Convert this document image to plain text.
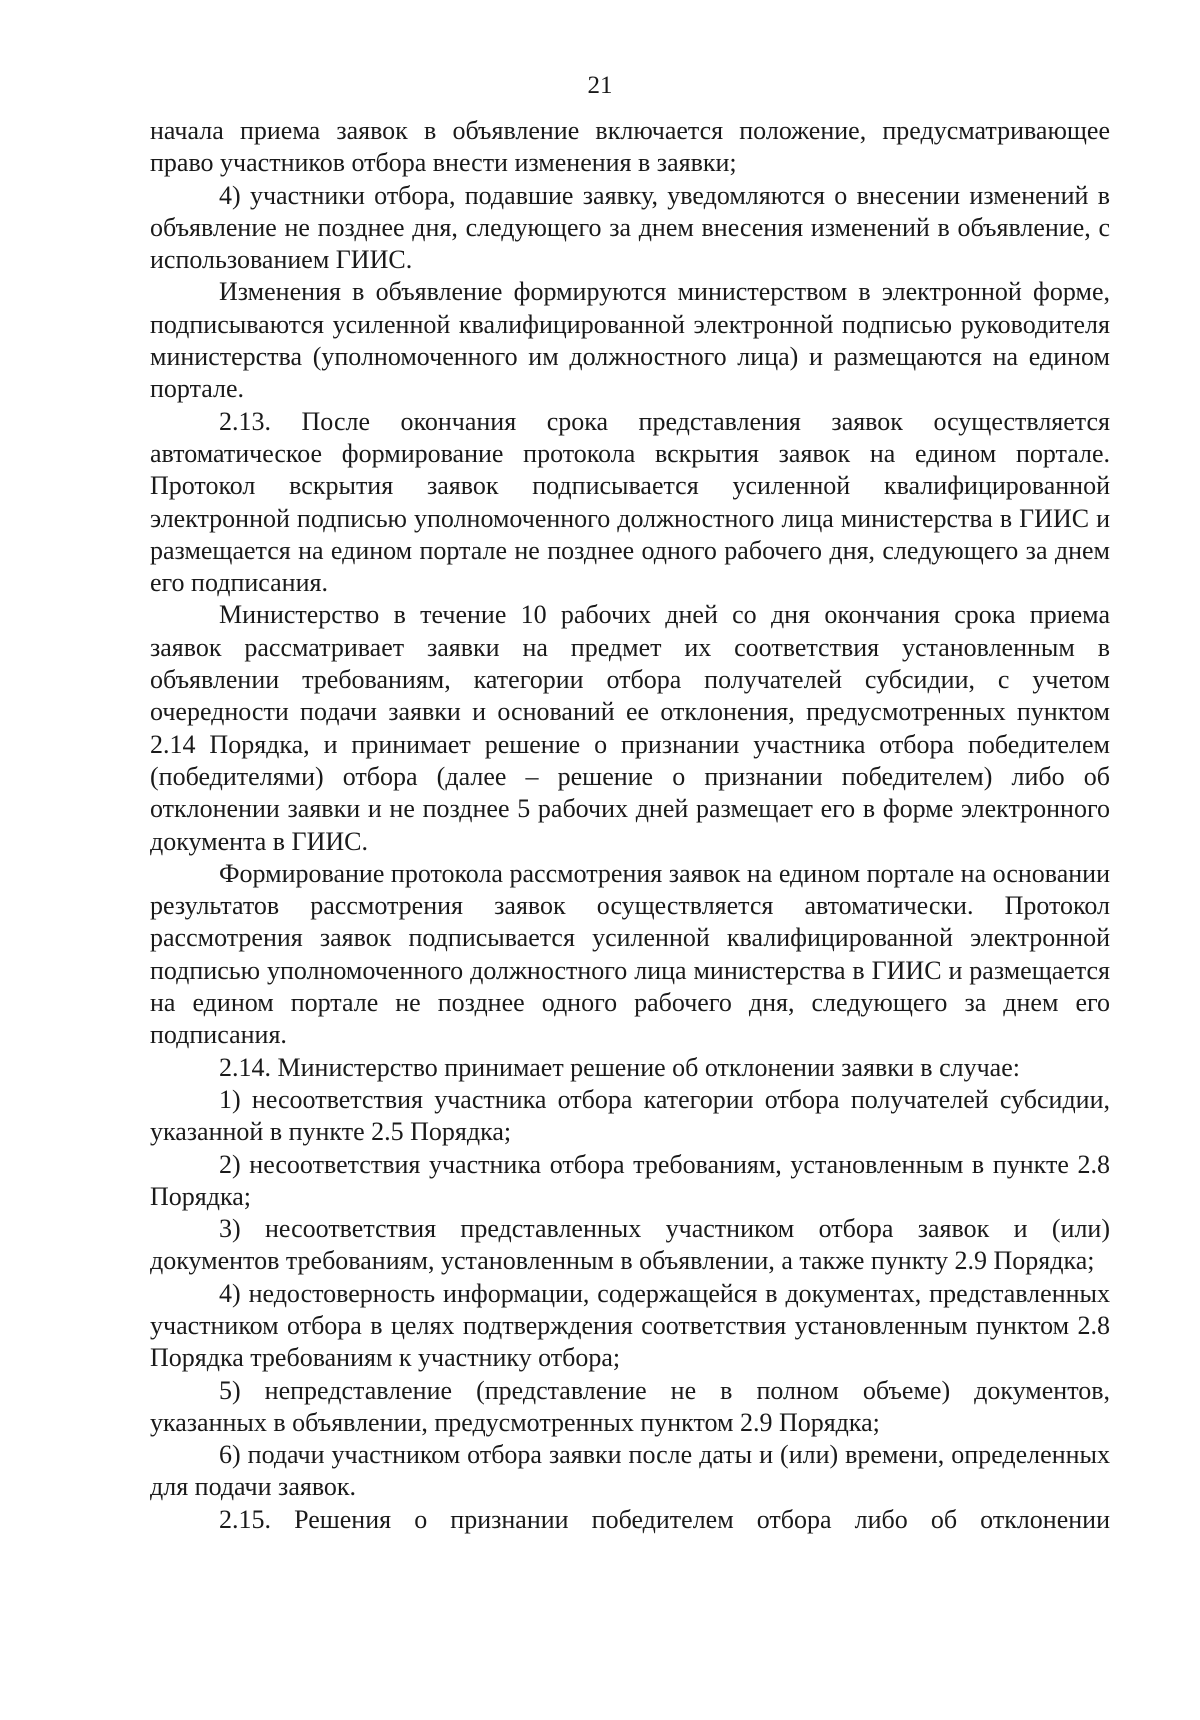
21

начала приема заявок в объявление включается положение, предусматривающее право участников отбора внести изменения в заявки;

4) участники отбора, подавшие заявку, уведомляются о внесении изменений в объявление не позднее дня, следующего за днем внесения изменений в объявление, с использованием ГИИС.

Изменения в объявление формируются министерством в электронной форме, подписываются усиленной квалифицированной электронной подписью руководителя министерства (уполномоченного им должностного лица) и размещаются на едином портале.

2.13. После окончания срока представления заявок осуществляется автоматическое формирование протокола вскрытия заявок на едином портале. Протокол вскрытия заявок подписывается усиленной квалифицированной электронной подписью уполномоченного должностного лица министерства в ГИИС и размещается на едином портале не позднее одного рабочего дня, следующего за днем его подписания.

Министерство в течение 10 рабочих дней со дня окончания срока приема заявок рассматривает заявки на предмет их соответствия установленным в объявлении требованиям, категории отбора получателей субсидии, с учетом очередности подачи заявки и оснований ее отклонения, предусмотренных пунктом 2.14 Порядка, и принимает решение о признании участника отбора победителем (победителями) отбора (далее – решение о признании победителем) либо об отклонении заявки и не позднее 5 рабочих дней размещает его в форме электронного документа в ГИИС.

Формирование протокола рассмотрения заявок на едином портале на основании результатов рассмотрения заявок осуществляется автоматически. Протокол рассмотрения заявок подписывается усиленной квалифицированной электронной подписью уполномоченного должностного лица министерства в ГИИС и размещается на едином портале не позднее одного рабочего дня, следующего за днем его подписания.

2.14. Министерство принимает решение об отклонении заявки в случае:

1) несоответствия участника отбора категории отбора получателей субсидии, указанной в пункте 2.5 Порядка;

2) несоответствия участника отбора требованиям, установленным в пункте 2.8 Порядка;

3) несоответствия представленных участником отбора заявок и (или) документов требованиям, установленным в объявлении, а также пункту 2.9 Порядка;

4) недостоверность информации, содержащейся в документах, представленных участником отбора в целях подтверждения соответствия установленным пунктом 2.8 Порядка требованиям к участнику отбора;

5) непредставление (представление не в полном объеме) документов, указанных в объявлении, предусмотренных пунктом 2.9 Порядка;

6) подачи участником отбора заявки после даты и (или) времени, определенных для подачи заявок.

2.15. Решения о признании победителем отбора либо об отклонении
